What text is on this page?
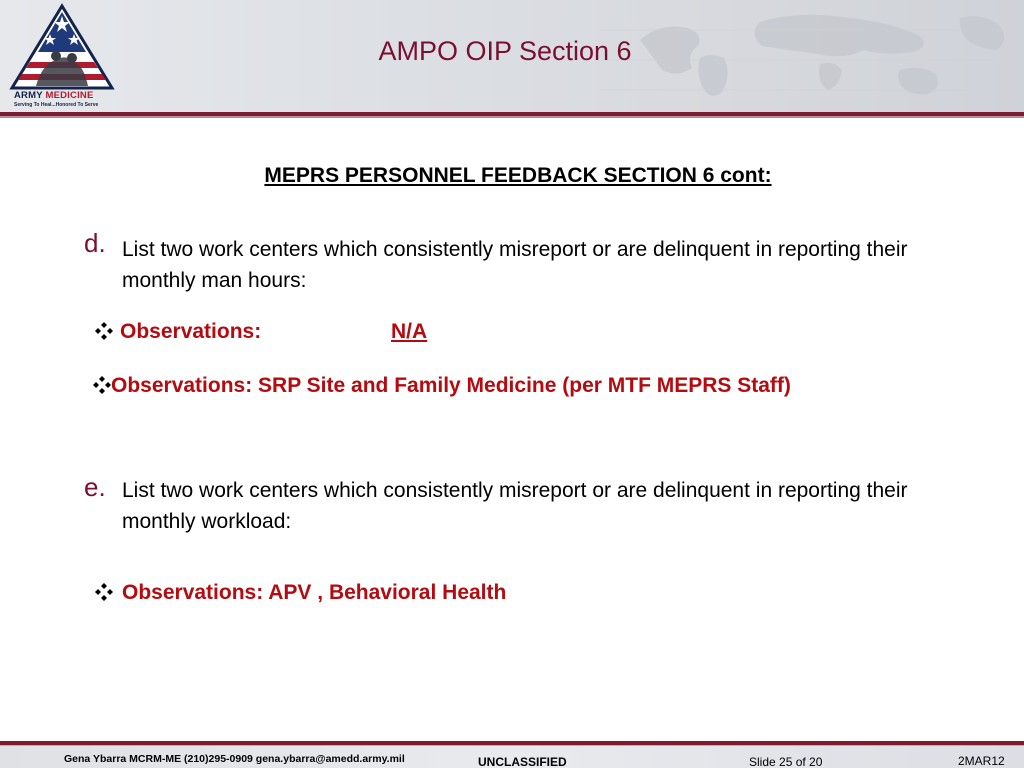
AMPO OIP Section 6
ARMY MEDICINE
Serving To Heal...Honored To Serve
MEPRS PERSONNEL FEEDBACK SECTION 6 cont:
d. List two work centers which consistently misreport or are delinquent in reporting their monthly man hours:
Observations:	N/A
Observations: SRP Site and Family Medicine (per MTF MEPRS Staff)
e. List two work centers which consistently misreport or are delinquent in reporting their monthly workload:
Observations: APV , Behavioral Health
Gena Ybarra MCRM-ME (210)295-0909 gena.ybarra@amedd.army.mil	UNCLASSIFIED	Slide 25 of 20	2MAR12
